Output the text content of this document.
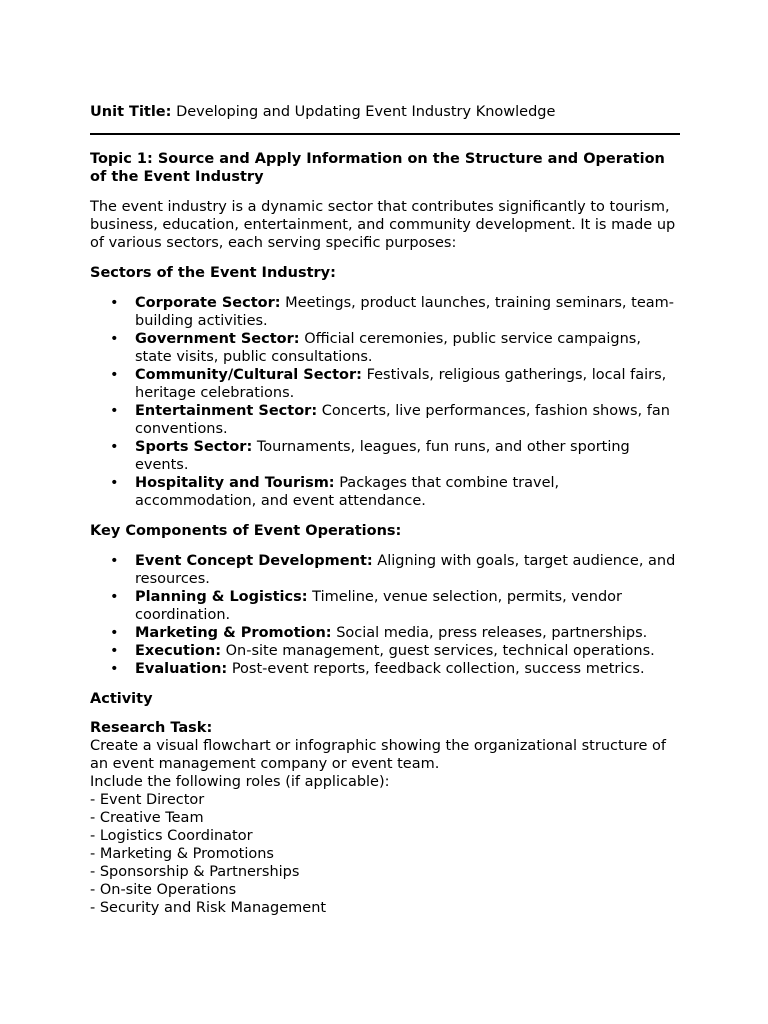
Unit Title: Developing and Updating Event Industry Knowledge

Topic 1: Source and Apply Information on the Structure and Operation of the Event Industry

The event industry is a dynamic sector that contributes significantly to tourism, business, education, entertainment, and community development. It is made up of various sectors, each serving specific purposes:

Sectors of the Event Industry:

• Corporate Sector: Meetings, product launches, training seminars, team-building activities.
• Government Sector: Official ceremonies, public service campaigns, state visits, public consultations.
• Community/Cultural Sector: Festivals, religious gatherings, local fairs, heritage celebrations.
• Entertainment Sector: Concerts, live performances, fashion shows, fan conventions.
• Sports Sector: Tournaments, leagues, fun runs, and other sporting events.
• Hospitality and Tourism: Packages that combine travel, accommodation, and event attendance.

Key Components of Event Operations:

• Event Concept Development: Aligning with goals, target audience, and resources.
• Planning & Logistics: Timeline, venue selection, permits, vendor coordination.
• Marketing & Promotion: Social media, press releases, partnerships.
• Execution: On-site management, guest services, technical operations.
• Evaluation: Post-event reports, feedback collection, success metrics.

Activity

Research Task:

Create a visual flowchart or infographic showing the organizational structure of an event management company or event team.

Include the following roles (if applicable):

- Event Director
- Creative Team
- Logistics Coordinator
- Marketing & Promotions
- Sponsorship & Partnerships
- On-site Operations
- Security and Risk Management
